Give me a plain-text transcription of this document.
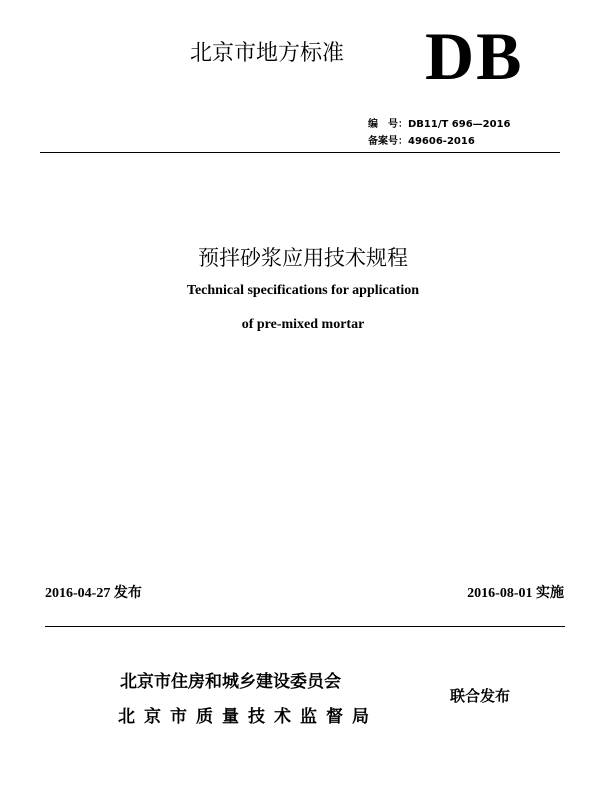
北京市地方标准 DB
编　号：DB11/T 696—2016
备案号：49606-2016
预拌砂浆应用技术规程
Technical specifications for application
of pre-mixed mortar
2016-04-27 发布	2016-08-01 实施
北京市住房和城乡建设委员会
北京市质量技术监督局
联合发布
